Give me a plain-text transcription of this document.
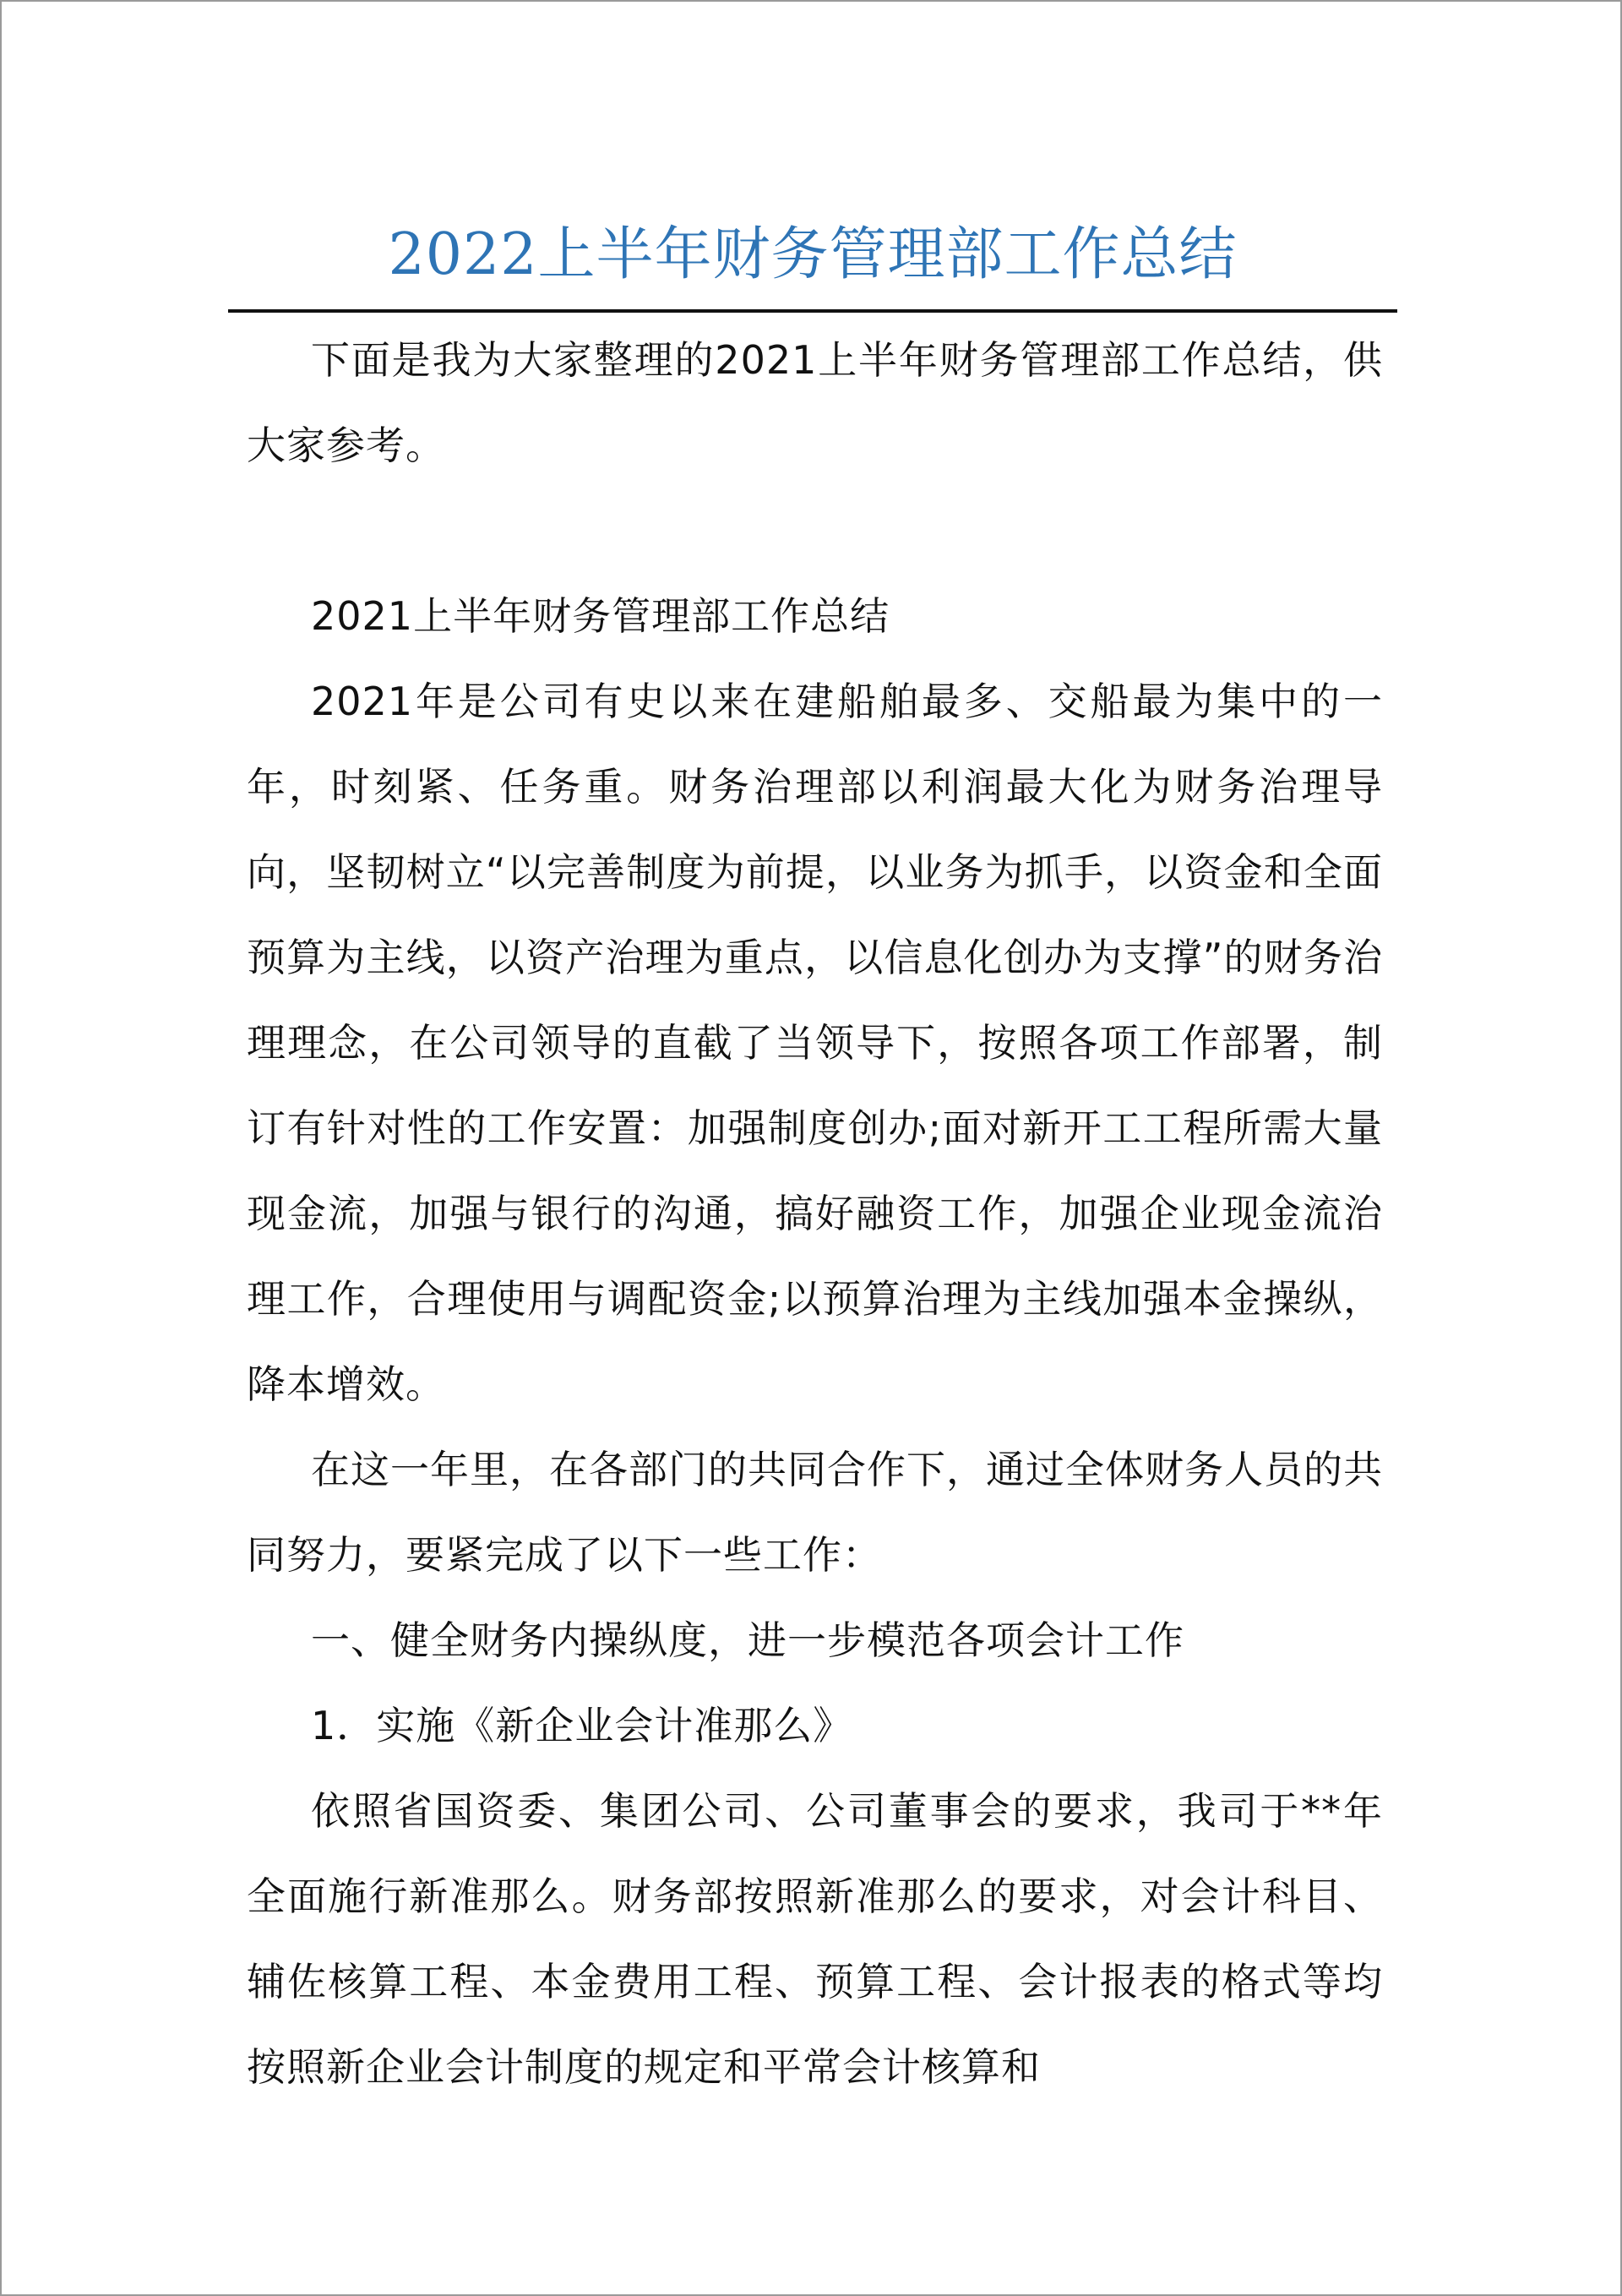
2022上半年财务管理部工作总结

下面是我为大家整理的2021上半年财务管理部工作总结，供大家参考。

2021上半年财务管理部工作总结

2021年是公司有史以来在建船舶最多、交船最为集中的一年，时刻紧、任务重。财务治理部以利润最大化为财务治理导向，坚韧树立“以完善制度为前提，以业务为抓手，以资金和全面预算为主线，以资产治理为重点，以信息化创办为支撑”的财务治理理念，在公司领导的直截了当领导下，按照各项工作部署，制订有针对性的工作安置：加强制度创办;面对新开工工程所需大量现金流，加强与银行的沟通，搞好融资工作，加强企业现金流治理工作，合理使用与调配资金;以预算治理为主线加强本金操纵，降本增效。

在这一年里，在各部门的共同合作下，通过全体财务人员的共同努力，要紧完成了以下一些工作：

一、健全财务内操纵度，进一步模范各项会计工作

1．实施《新企业会计准那么》

依照省国资委、集团公司、公司董事会的要求，我司于**年全面施行新准那么。财务部按照新准那么的要求，对会计科目、辅佐核算工程、本金费用工程、预算工程、会计报表的格式等均按照新企业会计制度的规定和平常会计核算和
